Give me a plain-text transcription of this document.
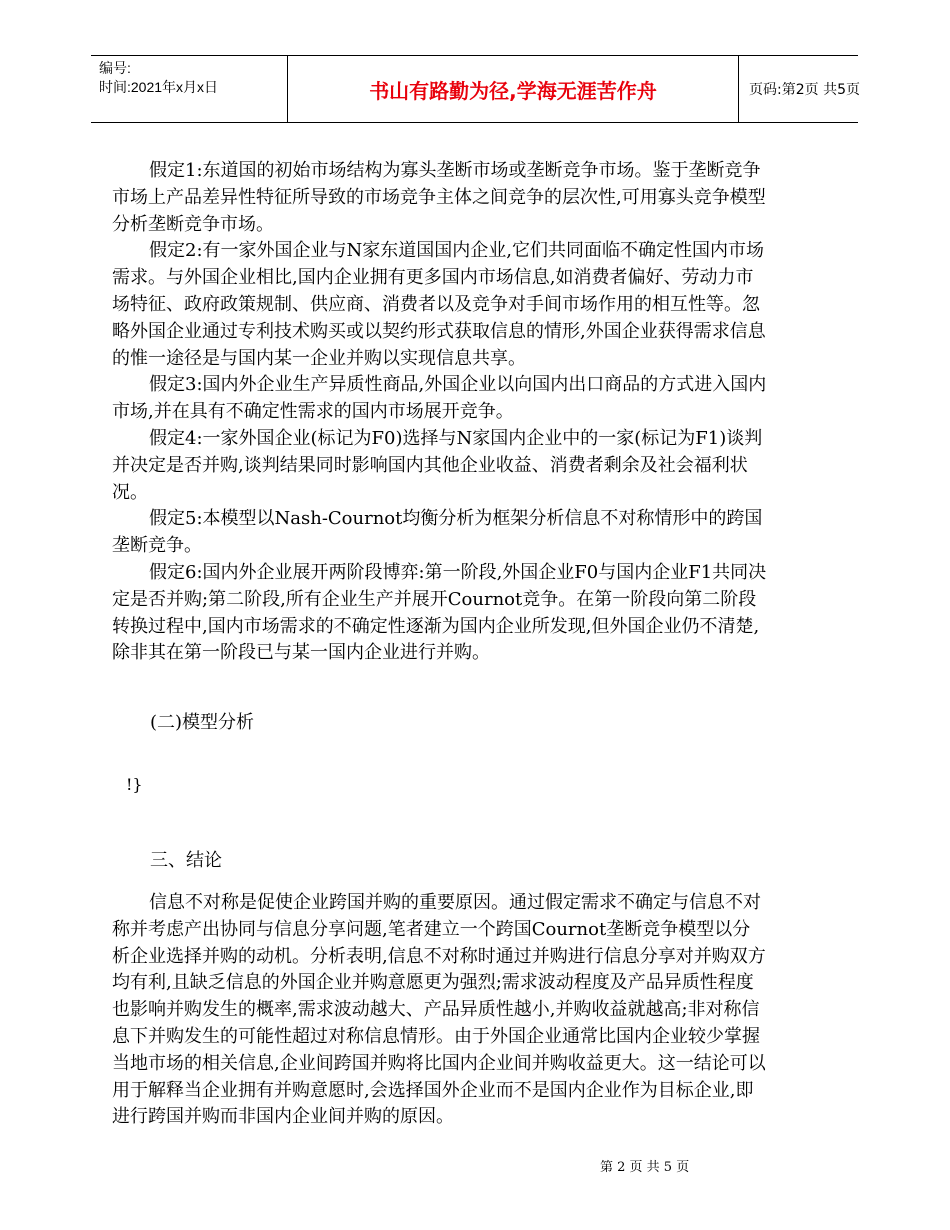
编号:
时间:2021年x月x日	书山有路勤为径,学海无涯苦作舟	页码:第2页 共5页

假定1:东道国的初始市场结构为寡头垄断市场或垄断竞争市场。鉴于垄断竞争市场上产品差异性特征所导致的市场竞争主体之间竞争的层次性,可用寡头竞争模型分析垄断竞争市场。

假定2:有一家外国企业与N家东道国国内企业,它们共同面临不确定性国内市场需求。与外国企业相比,国内企业拥有更多国内市场信息,如消费者偏好、劳动力市场特征、政府政策规制、供应商、消费者以及竞争对手间市场作用的相互性等。忽略外国企业通过专利技术购买或以契约形式获取信息的情形,外国企业获得需求信息的惟一途径是与国内某一企业并购以实现信息共享。

假定3:国内外企业生产异质性商品,外国企业以向国内出口商品的方式进入国内市场,并在具有不确定性需求的国内市场展开竞争。

假定4:一家外国企业(标记为F0)选择与N家国内企业中的一家(标记为F1)谈判并决定是否并购,谈判结果同时影响国内其他企业收益、消费者剩余及社会福利状况。

假定5:本模型以Nash-Cournot均衡分析为框架分析信息不对称情形中的跨国垄断竞争。

假定6:国内外企业展开两阶段博弈:第一阶段,外国企业F0与国内企业F1共同决定是否并购;第二阶段,所有企业生产并展开Cournot竞争。在第一阶段向第二阶段转换过程中,国内市场需求的不确定性逐渐为国内企业所发现,但外国企业仍不清楚,除非其在第一阶段已与某一国内企业进行并购。

(二)模型分析
!}
三、结论

信息不对称是促使企业跨国并购的重要原因。通过假定需求不确定与信息不对称并考虑产出协同与信息分享问题,笔者建立一个跨国Cournot垄断竞争模型以分析企业选择并购的动机。分析表明,信息不对称时通过并购进行信息分享对并购双方均有利,且缺乏信息的外国企业并购意愿更为强烈;需求波动程度及产品异质性程度也影响并购发生的概率,需求波动越大、产品异质性越小,并购收益就越高;非对称信息下并购发生的可能性超过对称信息情形。由于外国企业通常比国内企业较少掌握当地市场的相关信息,企业间跨国并购将比国内企业间并购收益更大。这一结论可以用于解释当企业拥有并购意愿时,会选择国外企业而不是国内企业作为目标企业,即进行跨国并购而非国内企业间并购的原因。

第 2 页 共 5 页
